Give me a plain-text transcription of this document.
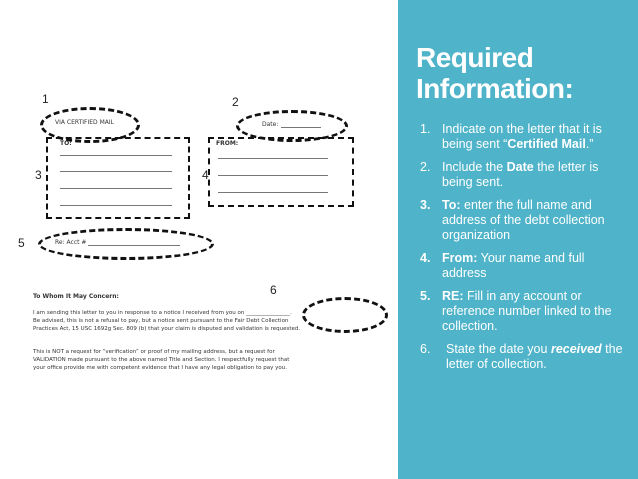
1	2
3	4
5
6
VIA CERTIFIED MAIL	Date:
TO:	FROM:
Re: Acct #
To Whom It May Concern:
I am sending this letter to you in response to a notice I received from you on ________________.
Be advised, this is not a refusal to pay, but a notice sent pursuant to the Fair Debt Collection
Practices Act, 15 USC 1692g Sec. 809 (b) that your claim is disputed and validation is requested.
This is NOT a request for “verification” or proof of my mailing address, but a request for
VALIDATION made pursuant to the above named Title and Section. I respectfully request that
your office provide me with competent evidence that I have any legal obligation to pay you.
Required
Information:
1. Indicate on the letter that it is being sent “Certified Mail.”
2. Include the Date the letter is being sent.
3. To: enter the full name and address of the debt collection organization
4. From: Your name and full address
5. RE: Fill in any account or reference number linked to the collection.
6. State the date you received the letter of collection.
